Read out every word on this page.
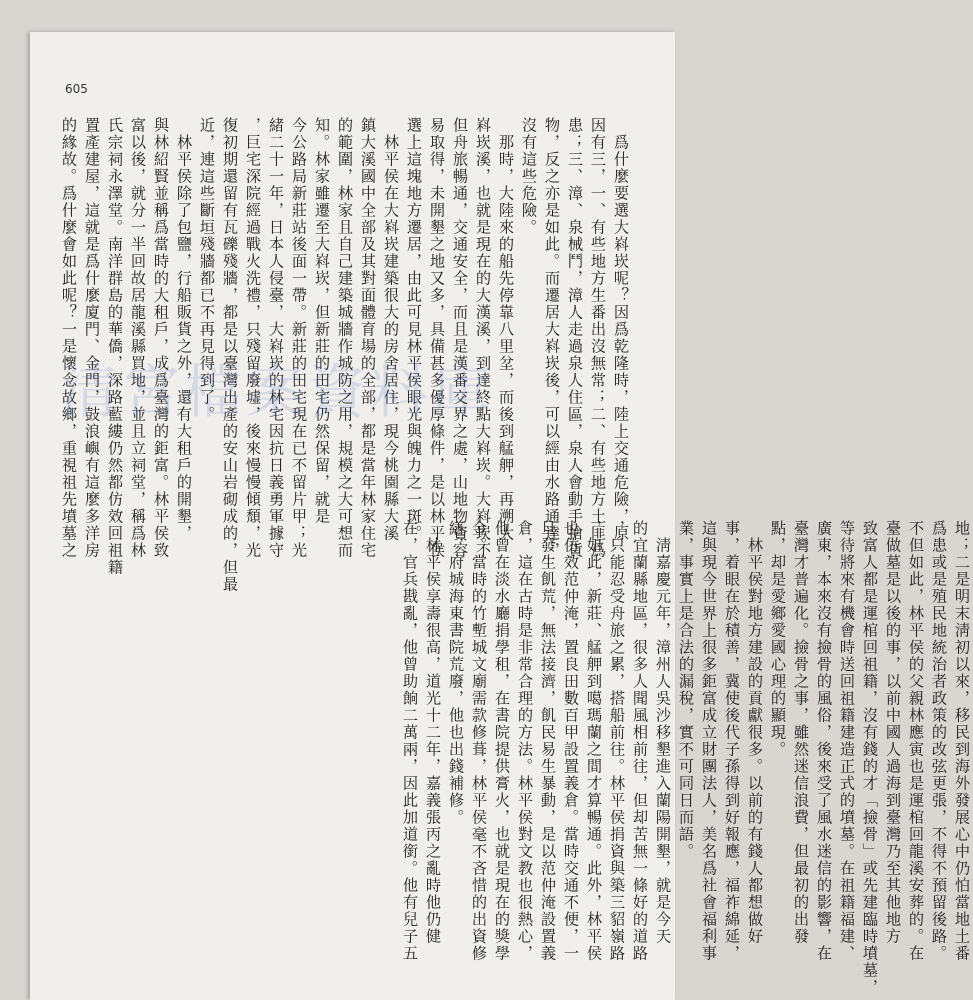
605
　爲什麼要選大嵙崁呢？因爲乾隆時，陸上交通危險，原
因有三，一、有些地方生番出沒無常；二、有些地方土匪爲
患；三、漳、泉械鬥，漳人走過泉人住區，泉人會動手搶貨
物，反之亦是如此。而遷居大嵙崁後，可以經由水路通達，
沒有這些危險。
　那時，大陸來的船先停靠八里坌，而後到艋舺，再溯大
嵙崁溪，也就是現在的大漢溪，到達終點大嵙崁。大嵙崁不
但舟旅暢通，交通安全，而且是漢番交界之處，山地物資容
易取得，未開墾之地又多，具備甚多優厚條件，是以林平侯
選上這塊地方遷居，由此可見林平侯眼光與魄力之一斑。
　林平侯在大嵙崁建築很大的房舍居住，現今桃園縣大溪
鎮大溪國中全部及其對面體育場的全部，都是當年林家住宅
的範圍，林家且自己建築城牆作城防之用，規模之大可想而
知。林家雖遷至大嵙崁，但新莊的田宅仍然保留，就是
今公路局新莊站後面一帶。新莊的田宅現在已不留片甲；光
緒二十一年，日本人侵臺，大嵙崁的林宅因抗日義勇軍據守
，巨宅深院經過戰火洗禮，只殘留廢墟，後來慢慢傾頹，光
復初期還留有瓦礫殘牆，都是以臺灣出產的安山岩砌成的，但最
近，連這些斷垣殘牆都已不再見得到了。
　林平侯除了包鹽，行船販貨之外，還有大租戶的開墾，
與林紹賢並稱爲當時的大租戶，成爲臺灣的鉅富。林平侯致
富以後，就分一半回故居龍溪縣買地，並且立祠堂，稱爲林
氏宗祠永澤堂。南洋群島的華僑，深路藍縷仍然都仿效回祖籍
置產建屋，這就是爲什麼廈門、金門，鼓浪嶼有這麼多洋房
的緣故。爲什麼會如此呢？一是懷念故鄉，重視祖先墳墓之
地；二是明末淸初以來，移民到海外發展心中仍怕當地土番
爲患或是殖民地統治者政策的改弦更張，不得不預留後路。
不但如此，林平侯的父親林應寅也是運棺回龍溪安葬的。在
臺做墓是以後的事，以前中國人過海到臺灣乃至其他地方
致富人都是運棺回祖籍，沒有錢的才「撿骨」或先建臨時墳墓，
等待將來有機會時送回祖籍建造正式的墳墓。在祖籍福建、
廣東，本來沒有撿骨的風俗，後來受了風水迷信的影響，在
臺灣才普遍化。撿骨之事，雖然迷信浪費，但最初的出發
點，却是愛鄉愛國心理的顯現。
　林平侯對地方建設的貢獻很多。以前的有錢人都想做好
事，着眼在於積善，冀使後代子孫得到好報應，福祚綿延，
這與現今世界上很多鉅富成立財團法人，美名爲社會福利事
業，事實上是合法的漏稅，實不可同日而語。
　淸嘉慶元年，漳州人吳沙移墾進入蘭陽開墾，就是今天
的宜蘭縣地區，很多人聞風相前往，但却苦無一條好的道路
，只能忍受舟旅之累，搭船前往。林平侯捐資與築三貂嶺路
，如此，新莊、艋舺到噶瑪蘭之間才算暢通。此外，林平侯
也仿效范仲淹，置良田數百甲設置義倉。當時交通不便，一
旦發生飢荒，無法接濟，飢民易生暴動，是以范仲淹設置義
倉，這在古時是非常合理的方法。林平侯對文教也很熱心，
他曾在淡水廳捐學租，在書院提供膏火，也就是現在的獎學
金。當時的竹塹城文廟需款修葺，林平侯毫不吝惜的出資修
繕，府城海東書院荒廢，他也出錢補修。
　林平侯享壽很高，道光十二年，嘉義張丙之亂時他仍健
在，官兵戡亂，他曾助餉二萬兩，因此加道銜。他有兒子五
清宮檔案資料庫
